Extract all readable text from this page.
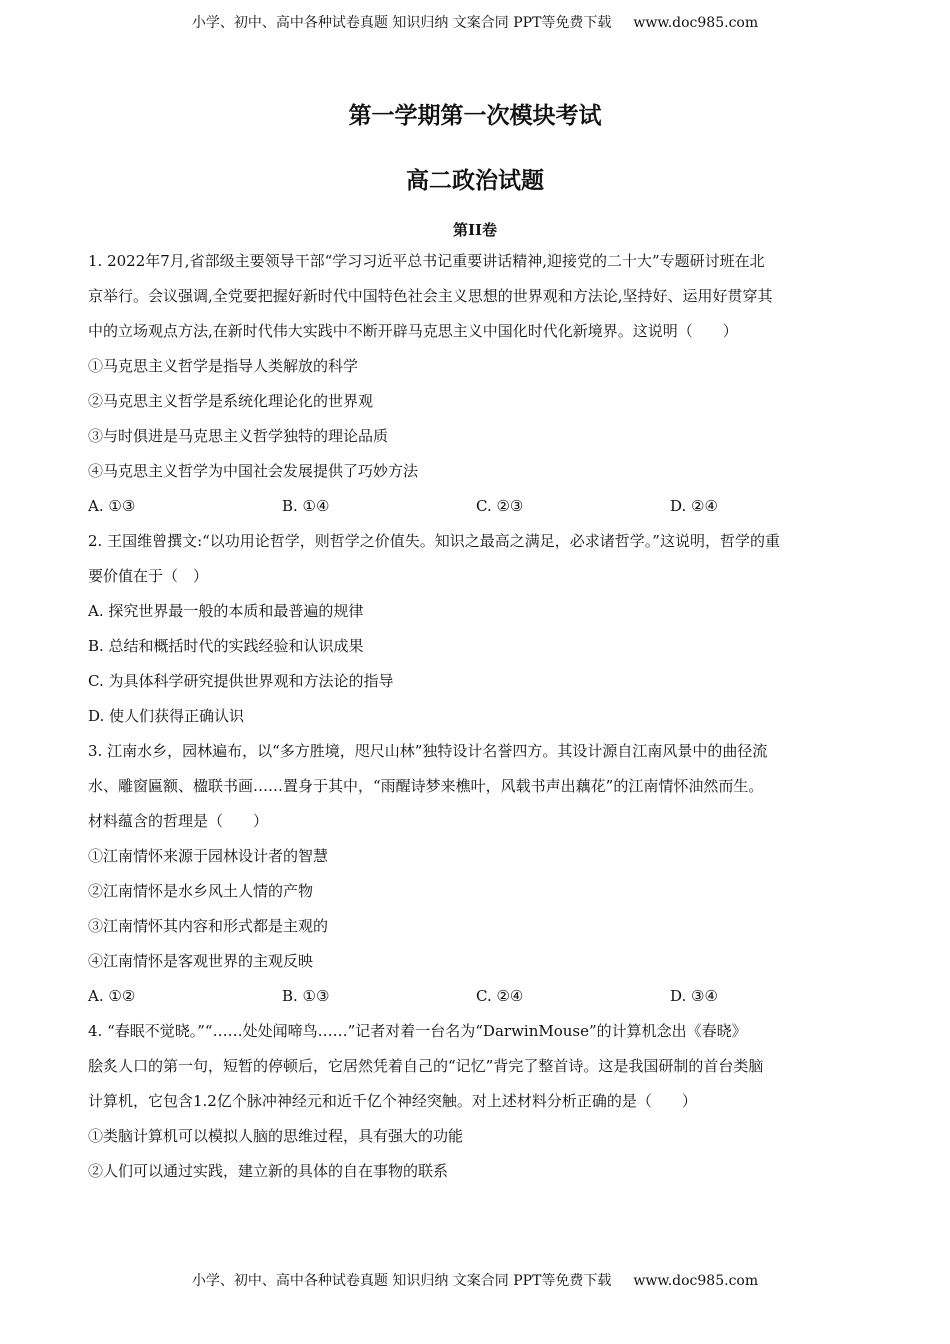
小学、初中、高中各种试卷真题 知识归纳 文案合同 PPT等免费下载 www.doc985.com
第一学期第一次模块考试
高二政治试题
第II卷
1. 2022年7月,省部级主要领导干部“学习习近平总书记重要讲话精神,迎接党的二十大”专题研讨班在北
京举行。会议强调,全党要把握好新时代中国特色社会主义思想的世界观和方法论,坚持好、运用好贯穿其
中的立场观点方法,在新时代伟大实践中不断开辟马克思主义中国化时代化新境界。这说明（　　）
①马克思主义哲学是指导人类解放的科学
②马克思主义哲学是系统化理论化的世界观
③与时俱进是马克思主义哲学独特的理论品质
④马克思主义哲学为中国社会发展提供了巧妙方法
A. ①③	B. ①④	C. ②③	D. ②④
2. 王国维曾撰文:“以功用论哲学，则哲学之价值失。知识之最高之满足，必求诸哲学。”这说明，哲学的重
要价值在于（　）
A. 探究世界最一般的本质和最普遍的规律
B. 总结和概括时代的实践经验和认识成果
C. 为具体科学研究提供世界观和方法论的指导
D. 使人们获得正确认识
3. 江南水乡，园林遍布，以“多方胜境，咫尺山林”独特设计名誉四方。其设计源自江南风景中的曲径流
水、雕窗匾额、楹联书画……置身于其中，“雨醒诗梦来樵叶，风载书声出藕花”的江南情怀油然而生。
材料蕴含的哲理是（　　）
①江南情怀来源于园林设计者的智慧
②江南情怀是水乡风土人情的产物
③江南情怀其内容和形式都是主观的
④江南情怀是客观世界的主观反映
A. ①②	B. ①③	C. ②④	D. ③④
4. “春眠不觉晓。”“……处处闻啼鸟……”记者对着一台名为“DarwinMouse”的计算机念出《春晓》
脍炙人口的第一句，短暂的停顿后，它居然凭着自己的“记忆”背完了整首诗。这是我国研制的首台类脑
计算机，它包含1.2亿个脉冲神经元和近千亿个神经突触。对上述材料分析正确的是（　　）
①类脑计算机可以模拟人脑的思维过程，具有强大的功能
②人们可以通过实践，建立新的具体的自在事物的联系
小学、初中、高中各种试卷真题 知识归纳 文案合同 PPT等免费下载 www.doc985.com
